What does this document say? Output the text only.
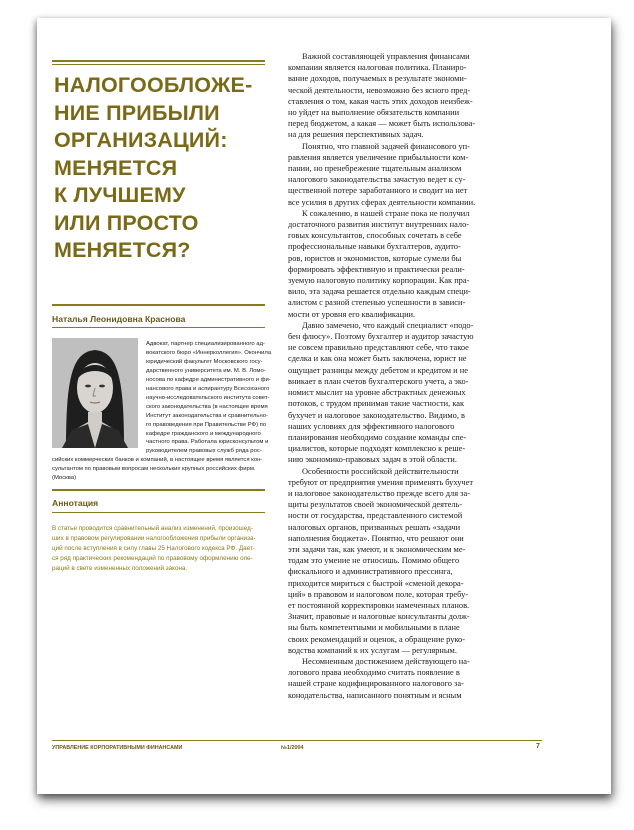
НАЛОГООБЛОЖЕ-
НИЕ ПРИБЫЛИ
ОРГАНИЗАЦИЙ:
МЕНЯЕТСЯ
К ЛУЧШЕМУ
ИЛИ ПРОСТО
МЕНЯЕТСЯ?
Наталья Леонидовна Краснова
Адвокат, партнер специализированного ад-
вокатского бюро «Иннерколлегия». Окончила
юридический факультет Московского госу-
дарственного университета им. М. В. Ломо-
носова по кафедре административного и фи-
нансового права и аспирантуру Всесоюзного
научно-исследовательского института совет-
ского законодательства (в настоящее время
Институт законодательства и сравнительно-
го правоведения при Правительстве РФ) по
кафедре гражданского и международного
частного права. Работала юрисконсультом и
руководителем правовых служб ряда рос-
сийских коммерческих банков и компаний, в настоящее время является кон-
сультантом по правовым вопросам нескольких крупных российских фирм.
(Москва)
Аннотация
В статье проводится сравнительный анализ изменений, произошед-
ших в правовом регулировании налогообложения прибыли организа-
ций после вступления в силу главы 25 Налогового кодекса РФ. Дает-
ся ряд практических рекомендаций по правовому оформлению опе-
раций в свете измененных положений закона.
Важной составляющей управления финансами
компании является налоговая политика. Планиро-
вание доходов, получаемых в результате экономи-
ческой деятельности, невозможно без ясного пред-
ставления о том, какая часть этих доходов неизбеж-
но уйдет на выполнение обязательств компании
перед бюджетом, а какая — может быть использова-
на для решения перспективных задач.
Понятно, что главной задачей финансового уп-
равления является увеличение прибыльности ком-
пании, но пренебрежение тщательным анализом
налогового законодательства зачастую ведет к су-
щественной потере заработанного и сводит на нет
все усилия в других сферах деятельности компании.
К сожалению, в нашей стране пока не получил
достаточного развития институт внутренних нало-
говых консультантов, способных сочетать в себе
профессиональные навыки бухгалтеров, аудито-
ров, юристов и экономистов, которые сумели бы
формировать эффективную и практически реали-
зуемую налоговую политику корпорации. Как пра-
вило, эта задача решается отдельно каждым специ-
алистом с разной степенью успешности в зависи-
мости от уровня его квалификации.
Давно замечено, что каждый специалист «подо-
бен флюсу». Поэтому бухгалтер и аудитор зачастую
не совсем правильно представляют себе, что такое
сделка и как она может быть заключена, юрист не
ощущает разницы между дебетом и кредитом и не
вникает в план счетов бухгалтерского учета, а эко-
номист мыслит на уровне абстрактных денежных
потоков, с трудом принимая такие частности, как
бухучет и налоговое законодательство. Видимо, в
наших условиях для эффективного налогового
планирования необходимо создание команды спе-
циалистов, которые подходят комплексно к реше-
нию экономико-правовых задач в этой области.
Особенности российской действительности
требуют от предприятия умения применять бухучет
и налоговое законодательство прежде всего для за-
щиты результатов своей экономической деятель-
ности от государства, представленного системой
налоговых органов, призванных решать «задачи
наполнения бюджета». Понятно, что решают они
эти задачи так, как умеют, и к экономическим ме-
тодам это умение не относишь. Помимо общего
фискального и административного прессинга,
приходится мириться с быстрой «сменой декора-
ций» в правовом и налоговом поле, которая требу-
ет постоянной корректировки намеченных планов.
Значит, правовые и налоговые консультанты долж-
ны быть компетентными и мобильными в плане
своих рекомендаций и оценок, а обращение руко-
водства компаний к их услугам — регулярным.
Несомненным достижением действующего на-
логового права необходимо считать появление в
нашей стране кодифицированного налогового за-
конодательства, написанного понятным и ясным
УПРАВЛЕНИЕ КОРПОРАТИВНЫМИ ФИНАНСАМИ	№1/2004	7
